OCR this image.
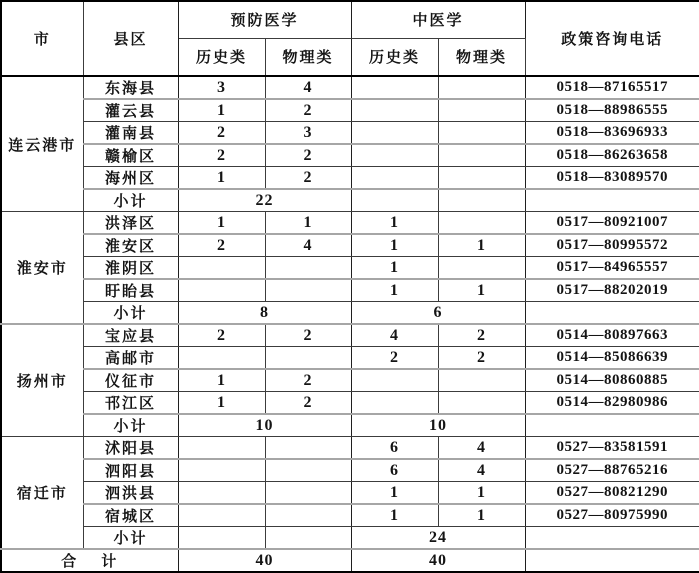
市	县区	预防医学		中医学		政策咨询电话
		历史类	物理类	历史类	物理类	
连云港市	东海县	3	4			0518—87165517
	灌云县	1	2			0518—88986555
	灌南县	2	3			0518—83696933
	赣榆区	2	2			0518—86263658
	海州区	1	2			0518—83089570
	小计	22				
淮安市	洪泽区	1	1	1		0517—80921007
	淮安区	2	4	1	1	0517—80995572
	淮阴区			1		0517—84965557
	盱眙县			1	1	0517—88202019
	小计	8		6		
扬州市	宝应县	2	2	4	2	0514—80897663
	高邮市			2	2	0514—85086639
	仪征市	1	2			0514—80860885
	邗江区	1	2			0514—82980986
	小计	10		10		
宿迁市	沭阳县			6	4	0527—83581591
	泗阳县			6	4	0527—88765216
	泗洪县			1	1	0527—80821290
	宿城区			1	1	0527—80975990
	小计			24		
合    计		40		40		
